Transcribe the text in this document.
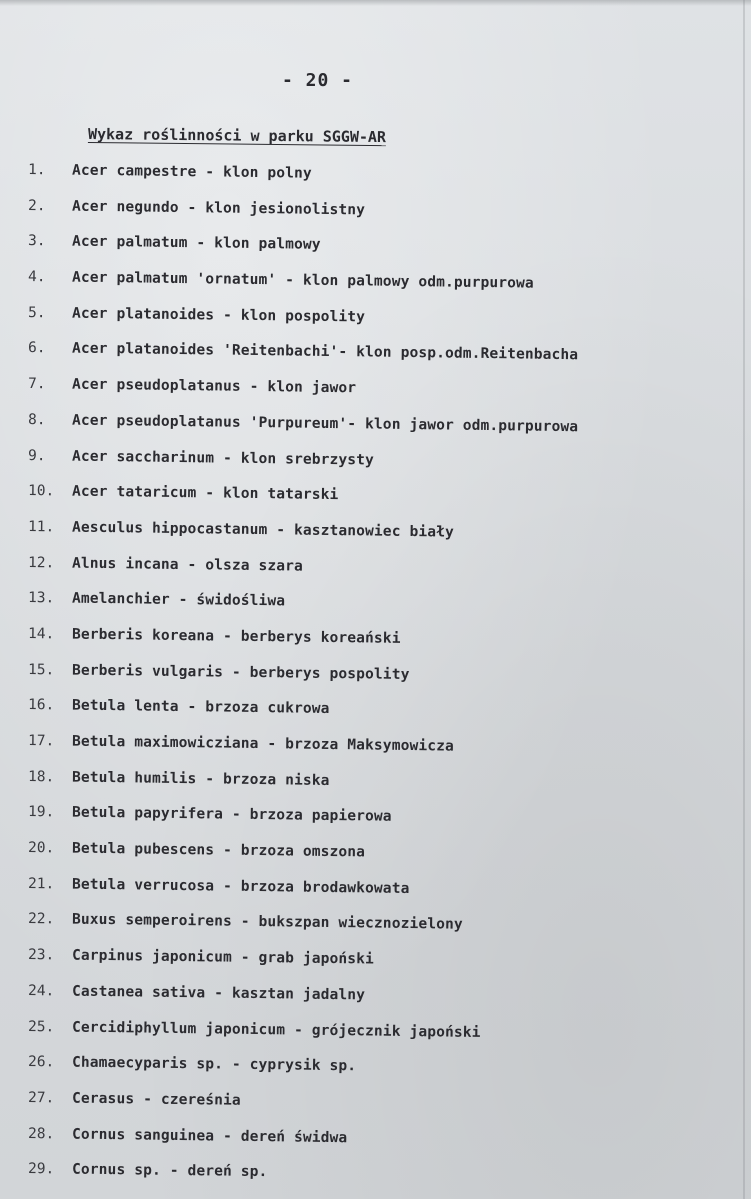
- 20 -
Wykaz roślinności w parku SGGW-AR
1. Acer campestre - klon polny
2. Acer negundo - klon jesionolistny
3. Acer palmatum - klon palmowy
4. Acer palmatum 'ornatum' - klon palmowy odm.purpurowa
5. Acer platanoides - klon pospolity
6. Acer platanoides 'Reitenbachi'- klon posp.odm.Reitenbacha
7. Acer pseudoplatanus - klon jawor
8. Acer pseudoplatanus 'Purpureum'- klon jawor odm.purpurowa
9. Acer saccharinum - klon srebrzysty
10. Acer tataricum - klon tatarski
11. Aesculus hippocastanum - kasztanowiec biały
12. Alnus incana - olsza szara
13. Amelanchier - świdośliwa
14. Berberis koreana - berberys koreański
15. Berberis vulgaris - berberys pospolity
16. Betula lenta - brzoza cukrowa
17. Betula maximowicziana - brzoza Maksymowicza
18. Betula humilis - brzoza niska
19. Betula papyrifera - brzoza papierowa
20. Betula pubescens - brzoza omszona
21. Betula verrucosa - brzoza brodawkowata
22. Buxus semperoirens - bukszpan wiecznozielony
23. Carpinus japonicum - grab japoński
24. Castanea sativa - kasztan jadalny
25. Cercidiphyllum japonicum - grójecznik japoński
26. Chamaecyparis sp. - cyprysik sp.
27. Cerasus - czereśnia
28. Cornus sanguinea - dereń świdwa
29. Cornus sp. - dereń sp.
